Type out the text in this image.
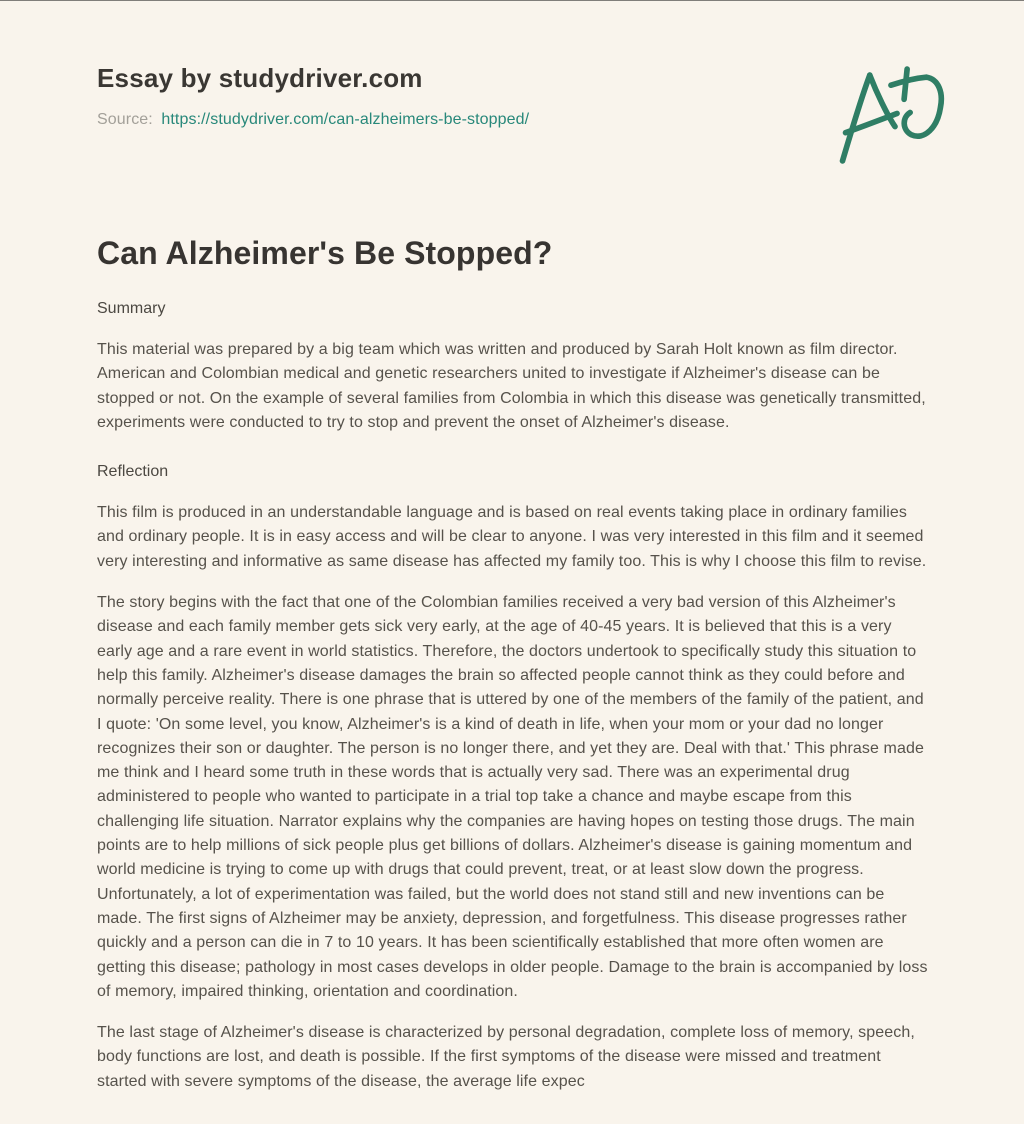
Essay by studydriver.com
Source: https://studydriver.com/can-alzheimers-be-stopped/
Can Alzheimer's Be Stopped?
Summary

This material was prepared by a big team which was written and produced by Sarah Holt known as film director. American and Colombian medical and genetic researchers united to investigate if Alzheimer's disease can be stopped or not. On the example of several families from Colombia in which this disease was genetically transmitted, experiments were conducted to try to stop and prevent the onset of Alzheimer's disease.

Reflection

This film is produced in an understandable language and is based on real events taking place in ordinary families and ordinary people. It is in easy access and will be clear to anyone. I was very interested in this film and it seemed very interesting and informative as same disease has affected my family too. This is why I choose this film to revise.

The story begins with the fact that one of the Colombian families received a very bad version of this Alzheimer's disease and each family member gets sick very early, at the age of 40-45 years. It is believed that this is a very early age and a rare event in world statistics. Therefore, the doctors undertook to specifically study this situation to help this family. Alzheimer's disease damages the brain so affected people cannot think as they could before and normally perceive reality. There is one phrase that is uttered by one of the members of the family of the patient, and I quote: 'On some level, you know, Alzheimer's is a kind of death in life, when your mom or your dad no longer recognizes their son or daughter. The person is no longer there, and yet they are. Deal with that.' This phrase made me think and I heard some truth in these words that is actually very sad. There was an experimental drug administered to people who wanted to participate in a trial top take a chance and maybe escape from this challenging life situation. Narrator explains why the companies are having hopes on testing those drugs. The main points are to help millions of sick people plus get billions of dollars. Alzheimer's disease is gaining momentum and world medicine is trying to come up with drugs that could prevent, treat, or at least slow down the progress. Unfortunately, a lot of experimentation was failed, but the world does not stand still and new inventions can be made. The first signs of Alzheimer may be anxiety, depression, and forgetfulness. This disease progresses rather quickly and a person can die in 7 to 10 years. It has been scientifically established that more often women are getting this disease; pathology in most cases develops in older people. Damage to the brain is accompanied by loss of memory, impaired thinking, orientation and coordination.

The last stage of Alzheimer's disease is characterized by personal degradation, complete loss of memory, speech, body functions are lost, and death is possible. If the first symptoms of the disease were missed and treatment started with severe symptoms of the disease, the average life expec
